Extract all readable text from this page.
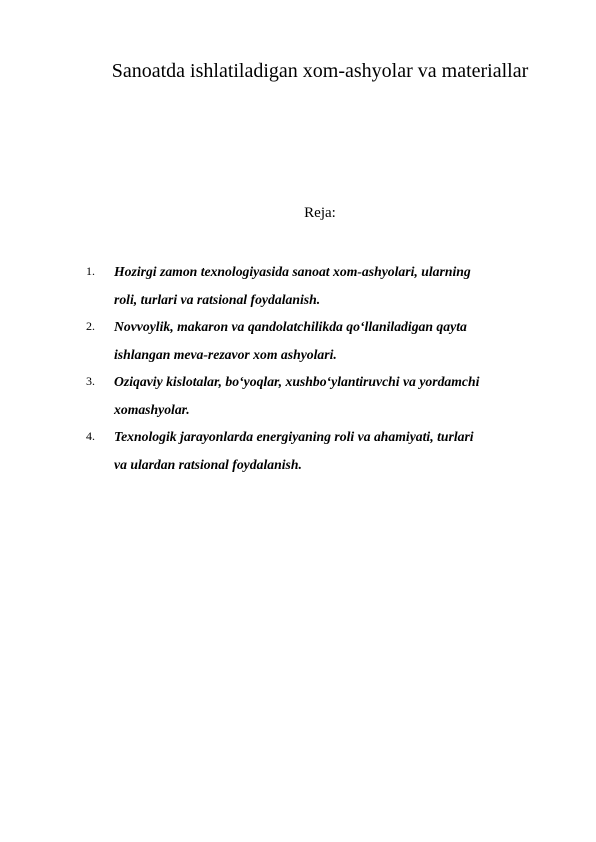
Sanoatda ishlatiladigan xom-ashyolar va materiallar
Reja:
1.	Hozirgi zamon texnologiyasida sanoat xom-ashyolari, ularning
roli, turlari va ratsional foydalanish.
2.	Novvoylik, makaron va qandolatchilikda qo‘llaniladigan qayta
ishlangan meva-rezavor xom ashyolari.
3.	Oziqaviy kislotalar, bo‘yoqlar, xushbo‘ylantiruvchi va yordamchi
xomashyolar.
4.	Texnologik jarayonlarda energiyaning roli va ahamiyati, turlari
va ulardan ratsional foydalanish.
